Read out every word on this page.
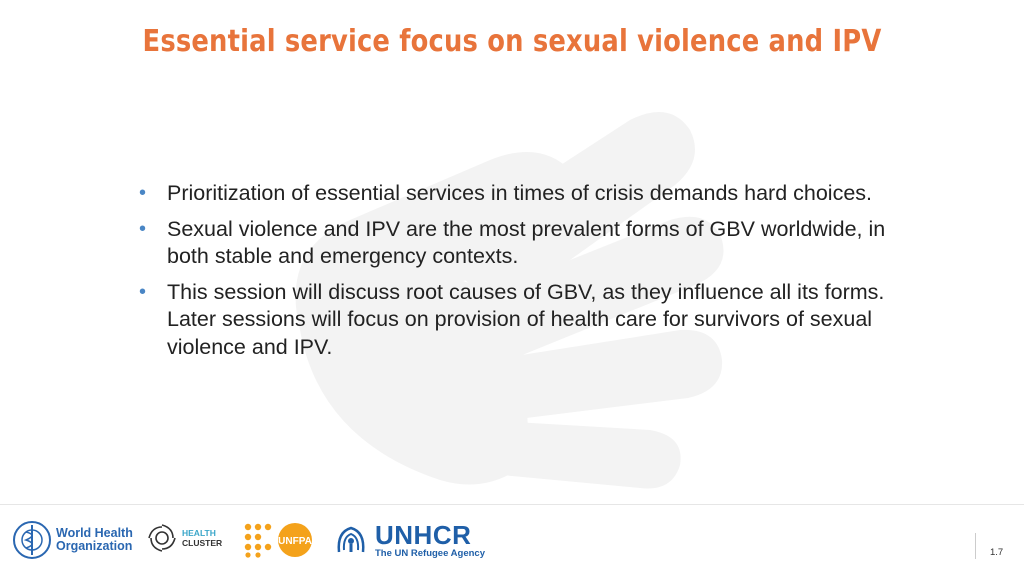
Essential service focus on sexual violence and IPV
• Prioritization of essential services in times of crisis demands hard choices.
• Sexual violence and IPV are the most prevalent forms of GBV worldwide, in both stable and emergency contexts.
• This session will discuss root causes of GBV, as they influence all its forms. Later sessions will focus on provision of health care for survivors of sexual violence and IPV.
World Health
Organization
HEALTH
CLUSTER	UNFPA UNHCR
The UN Refugee Agency	1.7
